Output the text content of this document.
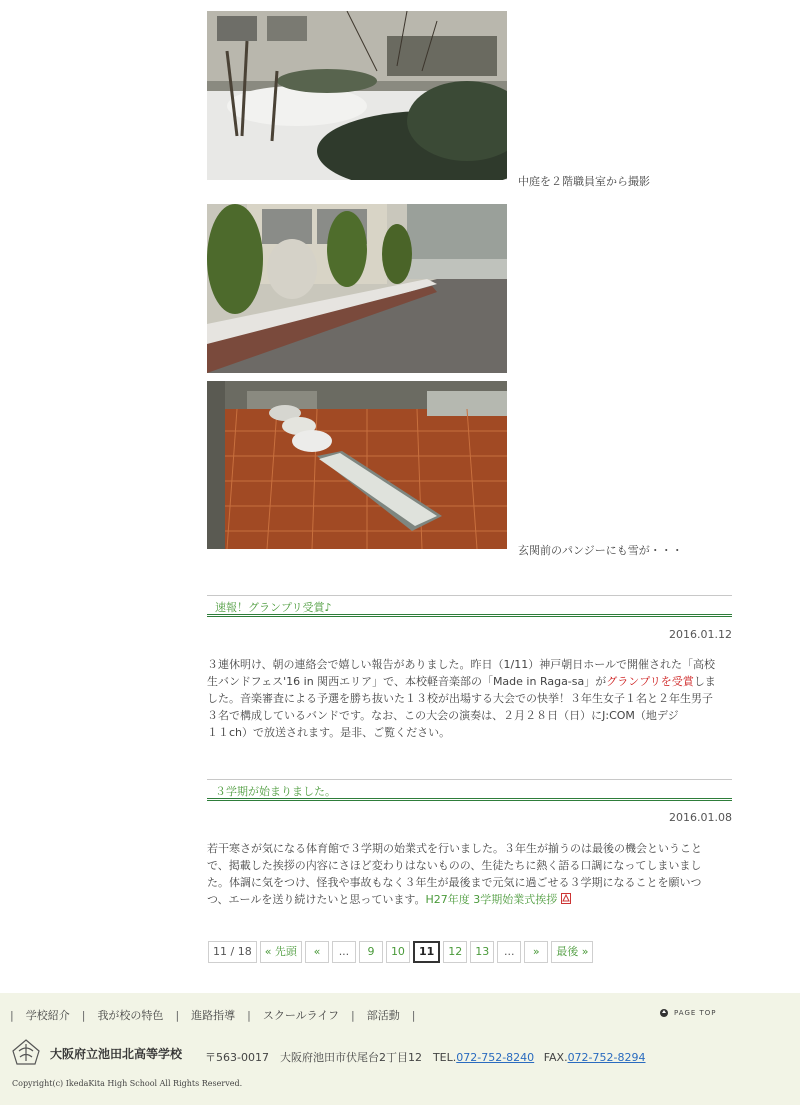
中庭を２階職員室から撮影
玄関前のパンジーにも雪が・・・
速報！グランプリ受賞♪
2016.01.12
３連休明け、朝の連絡会で嬉しい報告がありました。昨日（1/11）神戸朝日ホールで開催された「高校
生バンドフェス'16 in 関西エリア」で、本校軽音楽部の「Made in Raga-sa」がグランプリを受賞しま
した。音楽審査による予選を勝ち抜いた１３校が出場する大会での快挙！３年生女子１名と２年生男子
３名で構成しているバンドです。なお、この大会の演奏は、２月２８日（日）にJ:COM（地デジ
１１ch）で放送されます。是非、ご覧ください。
３学期が始まりました。
2016.01.08
若干寒さが気になる体育館で３学期の始業式を行いました。３年生が揃うのは最後の機会ということ
で、掲載した挨拶の内容にさほど変わりはないものの、生徒たちに熱く語る口調になってしまいまし
た。体調に気をつけ、怪我や事故もなく３年生が最後まで元気に過ごせる３学期になることを願いつ
つ、エールを送り続けたいと思っています。H27年度 3学期始業式挨拶
11 / 18	« 先頭	«	...	9	10	11	12	13	...	»	最後 »
| 学校紹介 | 我が校の特色 | 進路指導 | スクールライフ | 部活動 |	PAGE TOP
大阪府立池田北高等学校 〒563-0017　大阪府池田市伏尾台2丁目12　TEL.072-752-8240 FAX.072-752-8294
Copyright(c) IkedaKita High School All Rights Reserved.
